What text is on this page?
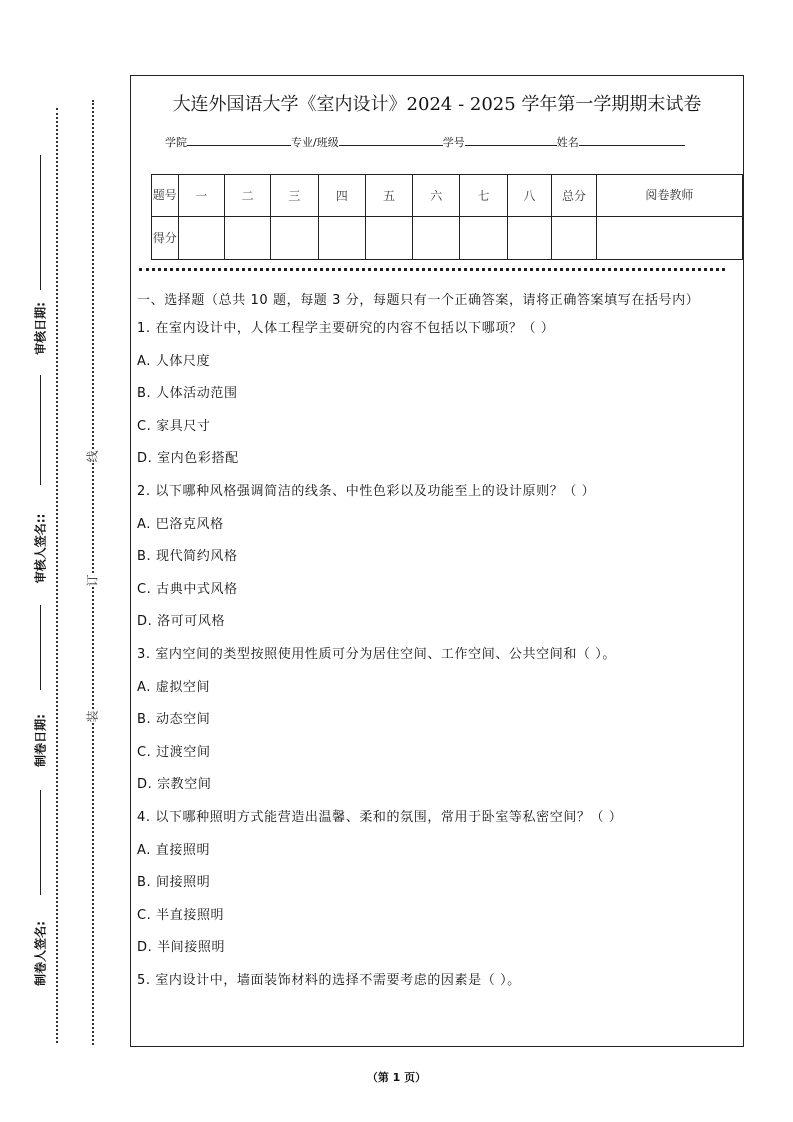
审核日期:
审核人签名::
制卷日期:
制卷人签名:
线
订
装
大连外国语大学《室内设计》2024 - 2025 学年第一学期期末试卷
学院	专业/班级	学号	姓名
题号	一	二	三	四	五	六	七	八	总分	阅卷教师
得分										
一、选择题（总共 10 题，每题 3 分，每题只有一个正确答案，请将正确答案填写在括号内）
1. 在室内设计中，人体工程学主要研究的内容不包括以下哪项？（ ）
A. 人体尺度
B. 人体活动范围
C. 家具尺寸
D. 室内色彩搭配
2. 以下哪种风格强调简洁的线条、中性色彩以及功能至上的设计原则？（ ）
A. 巴洛克风格
B. 现代简约风格
C. 古典中式风格
D. 洛可可风格
3. 室内空间的类型按照使用性质可分为居住空间、工作空间、公共空间和（ ）。
A. 虚拟空间
B. 动态空间
C. 过渡空间
D. 宗教空间
4. 以下哪种照明方式能营造出温馨、柔和的氛围，常用于卧室等私密空间？（ ）
A. 直接照明
B. 间接照明
C. 半直接照明
D. 半间接照明
5. 室内设计中，墙面装饰材料的选择不需要考虑的因素是（ ）。
（第 1 页）
